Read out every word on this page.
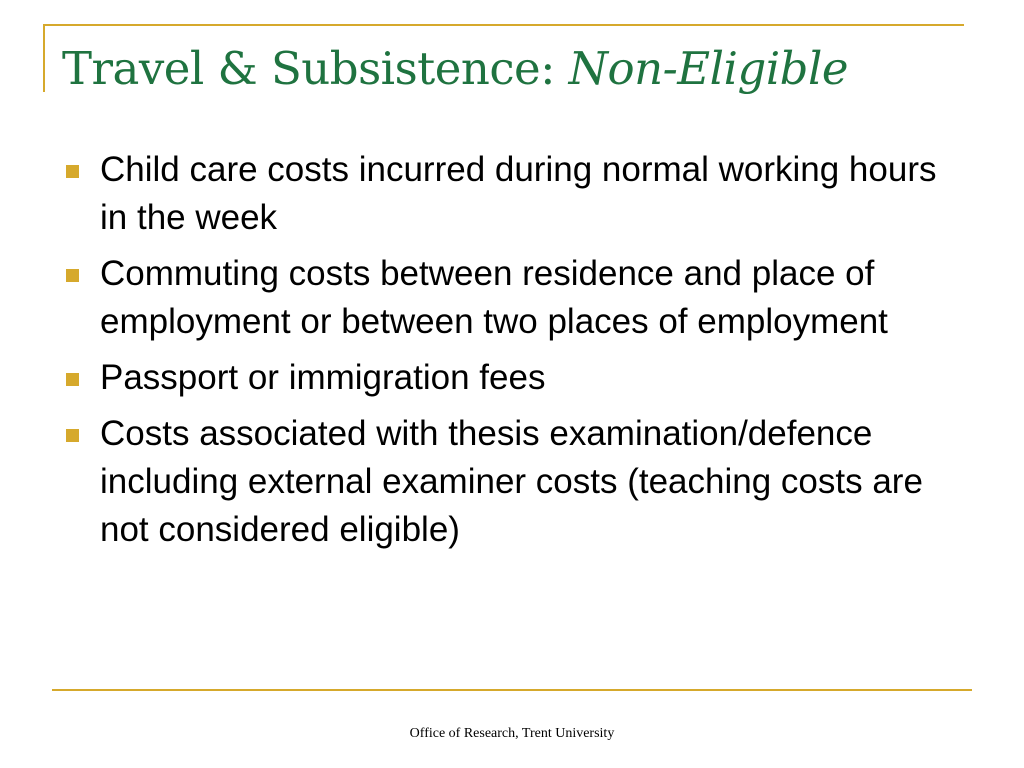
Travel & Subsistence: Non-Eligible
Child care costs incurred during normal working hours in the week
Commuting costs between residence and place of employment or between two places of employment
Passport or immigration fees
Costs associated with thesis examination/defence including external examiner costs (teaching costs are not considered eligible)
Office of Research, Trent University
